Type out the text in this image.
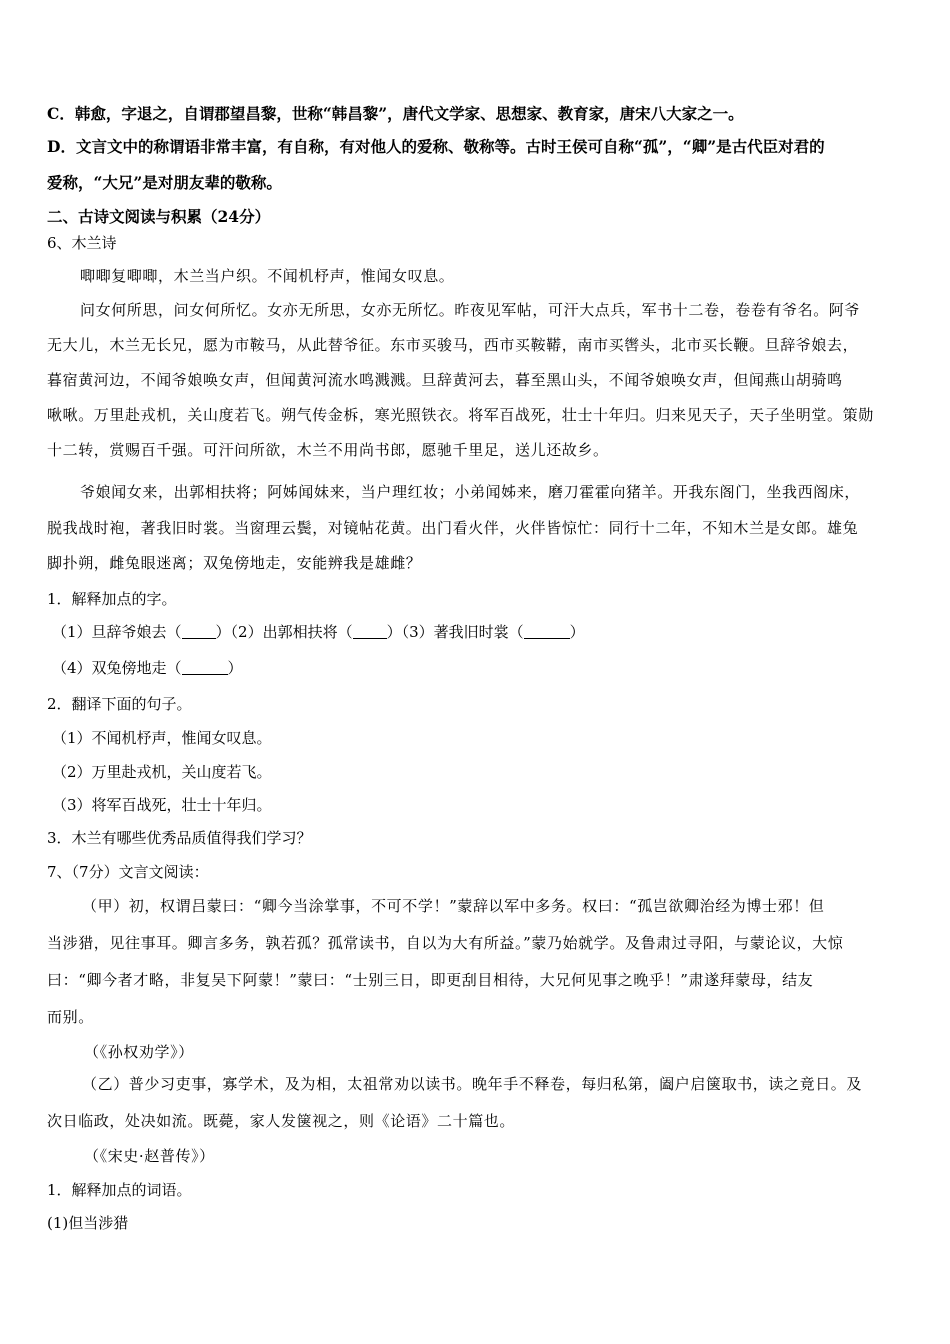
C．韩愈，字退之，自谓郡望昌黎，世称“韩昌黎”，唐代文学家、思想家、教育家，唐宋八大家之一。
D．文言文中的称谓语非常丰富，有自称，有对他人的爱称、敬称等。古时王侯可自称“孤”，“卿”是古代臣对君的
爱称，“大兄”是对朋友辈的敬称。
二、古诗文阅读与积累（24分）
6、木兰诗
唧唧复唧唧，木兰当户织。不闻机杼声，惟闻女叹息。
问女何所思，问女何所忆。女亦无所思，女亦无所忆。昨夜见军帖，可汗大点兵，军书十二卷，卷卷有爷名。阿爷
无大儿，木兰无长兄，愿为市鞍马，从此替爷征。东市买骏马，西市买鞍鞯，南市买辔头，北市买长鞭。旦辞爷娘去，
暮宿黄河边，不闻爷娘唤女声，但闻黄河流水鸣溅溅。旦辞黄河去，暮至黑山头，不闻爷娘唤女声，但闻燕山胡骑鸣
啾啾。万里赴戎机，关山度若飞。朔气传金柝，寒光照铁衣。将军百战死，壮士十年归。归来见天子，天子坐明堂。策勋
十二转，赏赐百千强。可汗问所欲，木兰不用尚书郎，愿驰千里足，送儿还故乡。
爷娘闻女来，出郭相扶将；阿姊闻妹来，当户理红妆；小弟闻姊来，磨刀霍霍向猪羊。开我东阁门，坐我西阁床，
脱我战时袍，著我旧时裳。当窗理云鬓，对镜帖花黄。出门看火伴，火伴皆惊忙：同行十二年，不知木兰是女郎。雄兔
脚扑朔，雌兔眼迷离；双兔傍地走，安能辨我是雄雌？
1．解释加点的字。
（1）旦辞爷娘去（ ）（2）出郭相扶将（ ）（3）著我旧时裳（	）
（4）双兔傍地走（	）
2．翻译下面的句子。
（1）不闻机杼声，惟闻女叹息。
（2）万里赴戎机，关山度若飞。
（3）将军百战死，壮士十年归。
3．木兰有哪些优秀品质值得我们学习？
7、（7分）文言文阅读：
（甲）初，权谓吕蒙曰：“卿今当涂掌事，不可不学！”蒙辞以军中多务。权曰：“孤岂欲卿治经为博士邪！但
当涉猎，见往事耳。卿言多务，孰若孤？孤常读书，自以为大有所益。”蒙乃始就学。及鲁肃过寻阳，与蒙论议，大惊
曰：“卿今者才略，非复吴下阿蒙！”蒙曰：“士别三日，即更刮目相待，大兄何见事之晚乎！”肃遂拜蒙母，结友
而别。
（《孙权劝学》）
（乙）普少习吏事，寡学术，及为相，太祖常劝以读书。晚年手不释卷，每归私第，阖户启箧取书，读之竟日。及
次日临政，处决如流。既薨，家人发箧视之，则《论语》二十篇也。
（《宋史·赵普传》）
1．解释加点的词语。
(1)但当涉猎
